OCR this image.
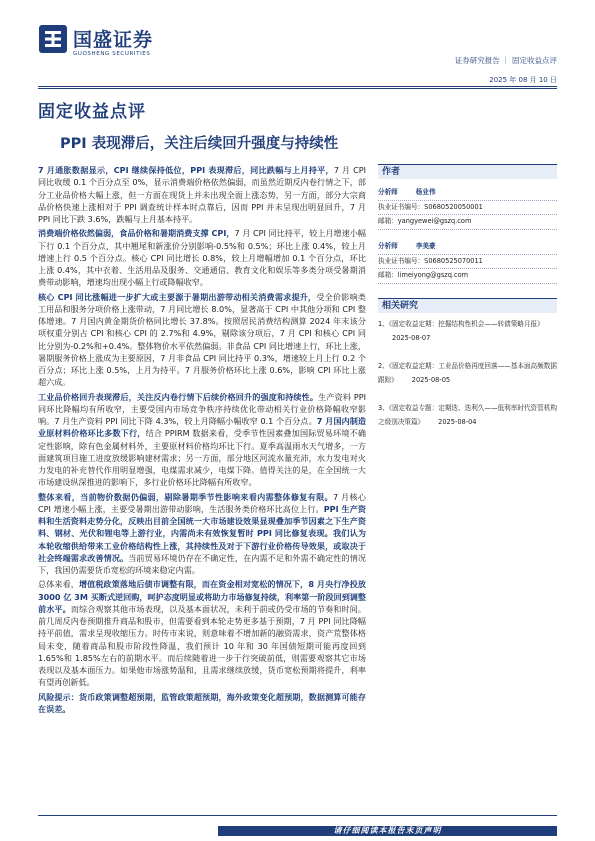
国盛证券
GUOSHENG SECURITIES
证券研究报告 ｜ 固定收益点评
2025 年 08 月 10 日
固定收益点评
PPI 表现滞后，关注后续回升强度与持续性

7 月通胀数据显示，CPI 继续保持低位，PPI 表现滞后，同比跌幅与上月持平，7 月 CPI 同比收缓 0.1 个百分点至 0%，显示消费端价格依然偏弱，而虽然近期反内卷行情之下，部分工业品价格大幅上涨，但一方面在现货上并未出现全面上涨态势，另一方面，部分大宗商品价格快速上涨相对于 PPI 调查统计样本时点靠后，因而 PPI 并未呈现出明显回升，7 月 PPI 同比下跌 3.6%，跌幅与上月基本持平。

消费端价格依然偏弱，食品价格和暑期消费支撑 CPI，7 月 CPI 同比持平，较上月增速小幅下行 0.1 个百分点，其中翘尾和新涨价分别影响-0.5%和 0.5%；环比上涨 0.4%，较上月增速上行 0.5 个百分点。核心 CPI 同比增长 0.8%，较上月增幅增加 0.1 个百分点，环比上涨 0.4%，其中衣着、生活用品及服务、交通通信、教育文化和娱乐等多类分项受暑期消费带动影响，增速均出现小幅上行或降幅收窄。

核心 CPI 同比涨幅进一步扩大或主要源于暑期出游带动相关消费需求提升，受全价影响类工用品和服务分项价格上涨带动，7 月同比增长 8.0%，显著高于 CPI 中其他分项和 CPI 整体增速。7 月国内黄金期货价格同比增长 37.8%。按照居民消费结构测算 2024 年末该分项权重分别占 CPI 和核心 CPI 的 2.7%和 4.9%，剔除该分项后，7 月 CPI 和核心 CPI 同比分别为-0.2%和+0.4%。整体物价水平依然偏弱。非食品 CPI 同比增速上行，环比上涨，暑期服务价格上涨成为主要原因，7 月非食品 CPI 同比持平 0.3%，增速较上月上行 0.2 个百分点；环比上涨 0.5%，上月为持平。7 月服务价格环比上涨 0.6%，影响 CPI 环比上涨超六成。

工业品价格回升表现滞后，关注反内卷行情下后续价格回升的强度和持续性。生产资料 PPI 同环比降幅均有所收窄，主要受国内市场竞争秩序持续优化带动相关行业价格降幅收窄影响。7 月生产资料 PPI 同比下降 4.3%，较上月降幅小幅收窄 0.1 个百分点。7 月国内制造业原材料价格环比多数下行，结合 PPIRM 数据来看，受季节性因素叠加国际贸易环境不确定性影响，除有色金属材料外，主要原材料价格均环比下行。夏季高温雨水天气增多，一方面建筑项目施工进度放缓影响建材需求；另一方面，部分地区河流水量充沛，水力发电对火力发电的补充替代作用明显增强，电煤需求减少，电煤下降。值得关注的是，在全国统一大市场建设纵深推进的影响下，多行业价格环比降幅有所收窄。

整体来看，当前物价数据仍偏弱，剔除暑期季节性影响来看内需整体修复有限。7 月核心 CPI 增速小幅上涨，主要受暑期出游带动影响，生活服务类价格环比高位上行。PPI 生产资料和生活资料走势分化，反映出目前全国统一大市场建设效果显现叠加季节因素之下生产资料、钢材、光伏和锂电等上游行业，内需尚未有效恢复暂时 PPI 同比修复表现。我们认为本轮收缩供给带来工业价格结构性上涨，其持续性及对于下游行业价格传导效果，或取决于社会终端需求改善情况。当前贸易环境仍存在不确定性，在内需不足和外需不确定性的情况下，我国仍需要货币宽松的环境来稳定内需。

总体来看，增值税政策落地后债市调整有限，而在资金相对宽松的情况下，8 月央行净投放 3000 亿 3M 买断式逆回购，呵护态度明显或将助力市场修复持续，利率第一阶段回到调整前水平。而综合观察其他市场表现，以及基本面状况，未利于前或仍受市场的节奏和时间。前几周反内卷预期推升商品和股市，但需要看到本轮走势更多基于预期，7 月 PPI 同比降幅持平前值，需求呈现收缩压力。时传市来说，则意味着不增加新的融资需求，资产荒整体格局未变，随着商品和股市阶段性降温，我们预计 10 年和 30 年国债短期可能再度回到 1.65%和 1.85%左右的前期水平。而后续随着进一步于行突破前低，则需要观察其它市场表现以及基本面压力。如果他市场涨势温和，且需求继续放缓，货币宽松预期将提升，利率有望再创新低。

风险提示：货币政策调整超预期，监管政策超预期，海外政策变化超预期，数据测算可能存在误差。

作者
分析师	杨业伟
执业证书编号：S0680520050001
邮箱：yangyewei@gszq.com
分析师	李美豪
执业证书编号：S0680525070011
邮箱：limeiyong@gszq.com
相关研究
1、《固定收益定期：挖掘结构性机会——转债策略月报》2025-08-07
2、《固定收益定期：工业品价格再度回落——基本面高频数据跟踪》 2025-08-05
3、《固定收益专题：定期迭、迭利久——低利率时代资管机构之级别决策篇》 2025-08-04
请仔细阅读本报告末页声明
